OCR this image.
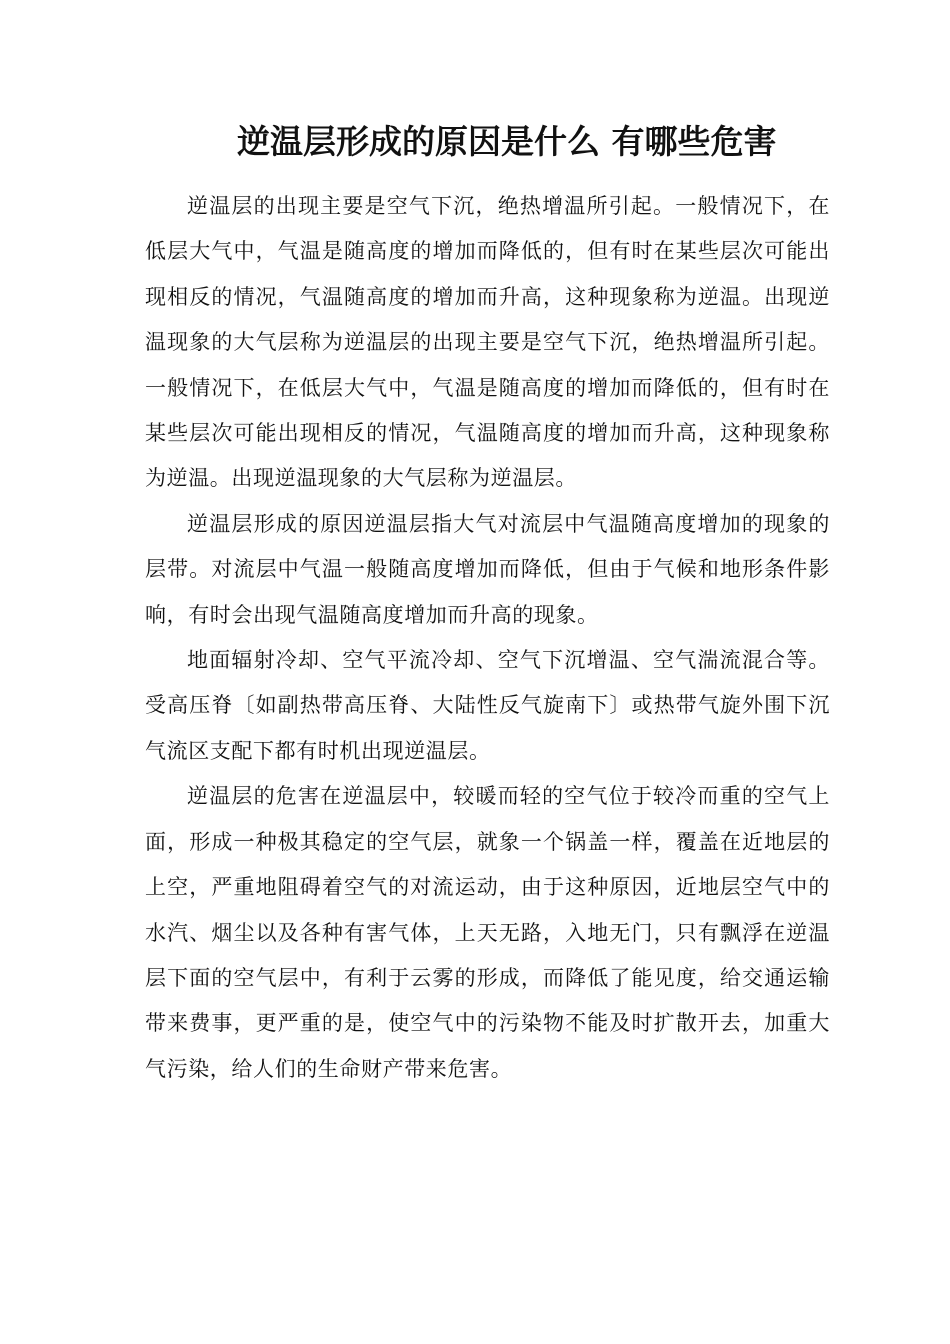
逆温层形成的原因是什么 有哪些危害

逆温层的出现主要是空气下沉，绝热增温所引起。一般情况下，在低层大气中，气温是随高度的增加而降低的，但有时在某些层次可能出现相反的情况，气温随高度的增加而升高，这种现象称为逆温。出现逆温现象的大气层称为逆温层的出现主要是空气下沉，绝热增温所引起。一般情况下，在低层大气中，气温是随高度的增加而降低的，但有时在某些层次可能出现相反的情况，气温随高度的增加而升高，这种现象称为逆温。出现逆温现象的大气层称为逆温层。

逆温层形成的原因逆温层指大气对流层中气温随高度增加的现象的层带。对流层中气温一般随高度增加而降低，但由于气候和地形条件影响，有时会出现气温随高度增加而升高的现象。

地面辐射冷却、空气平流冷却、空气下沉增温、空气湍流混合等。受高压脊〔如副热带高压脊、大陆性反气旋南下〕或热带气旋外围下沉气流区支配下都有时机出现逆温层。

逆温层的危害在逆温层中，较暖而轻的空气位于较冷而重的空气上面，形成一种极其稳定的空气层，就象一个锅盖一样，覆盖在近地层的上空，严重地阻碍着空气的对流运动，由于这种原因，近地层空气中的水汽、烟尘以及各种有害气体，上天无路，入地无门，只有飘浮在逆温层下面的空气层中，有利于云雾的形成，而降低了能见度，给交通运输带来费事，更严重的是，使空气中的污染物不能及时扩散开去，加重大气污染，给人们的生命财产带来危害。
